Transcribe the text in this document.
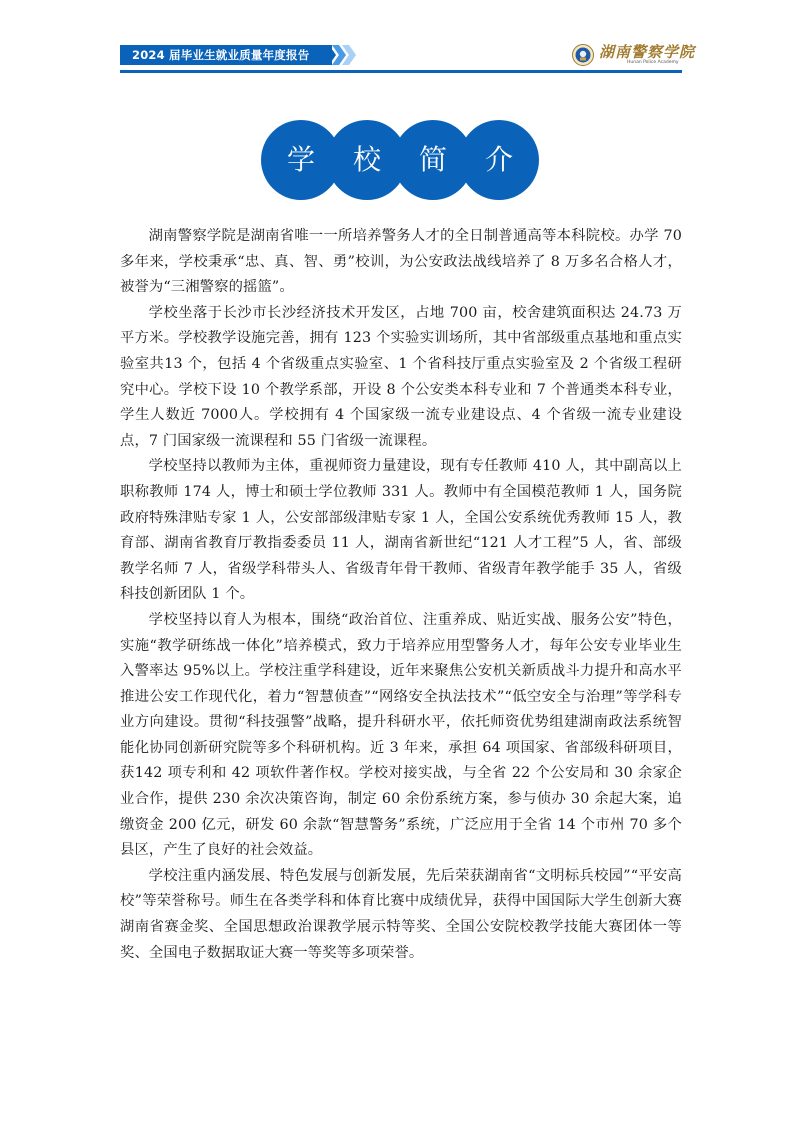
2024 届毕业生就业质量年度报告	湖南警察学院
Hunan Police Academy
学 校 简 介

湖南警察学院是湖南省唯一一所培养警务人才的全日制普通高等本科院校。办学 70 多年来，学校秉承“忠、真、智、勇”校训，为公安政法战线培养了 8 万多名合格人才，被誉为“三湘警察的摇篮”。

学校坐落于长沙市长沙经济技术开发区，占地 700 亩，校舍建筑面积达 24.73 万平方米。学校教学设施完善，拥有 123 个实验实训场所，其中省部级重点基地和重点实验室共13 个，包括 4 个省级重点实验室、1 个省科技厅重点实验室及 2 个省级工程研究中心。学校下设 10 个教学系部，开设 8 个公安类本科专业和 7 个普通类本科专业，学生人数近 7000人。学校拥有 4 个国家级一流专业建设点、4 个省级一流专业建设点，7 门国家级一流课程和 55 门省级一流课程。

学校坚持以教师为主体，重视师资力量建设，现有专任教师 410 人，其中副高以上职称教师 174 人，博士和硕士学位教师 331 人。教师中有全国模范教师 1 人，国务院政府特殊津贴专家 1 人，公安部部级津贴专家 1 人，全国公安系统优秀教师 15 人，教育部、湖南省教育厅教指委委员 11 人，湖南省新世纪“121 人才工程”5 人，省、部级教学名师 7 人，省级学科带头人、省级青年骨干教师、省级青年教学能手 35 人，省级科技创新团队 1 个。

学校坚持以育人为根本，围绕“政治首位、注重养成、贴近实战、服务公安”特色，实施“教学研练战一体化”培养模式，致力于培养应用型警务人才，每年公安专业毕业生入警率达 95%以上。学校注重学科建设，近年来聚焦公安机关新质战斗力提升和高水平推进公安工作现代化，着力“智慧侦查”“网络安全执法技术”“低空安全与治理”等学科专业方向建设。贯彻“科技强警”战略，提升科研水平，依托师资优势组建湖南政法系统智能化协同创新研究院等多个科研机构。近 3 年来，承担 64 项国家、省部级科研项目，获142 项专利和 42 项软件著作权。学校对接实战，与全省 22 个公安局和 30 余家企业合作，提供 230 余次决策咨询，制定 60 余份系统方案，参与侦办 30 余起大案，追缴资金 200 亿元，研发 60 余款“智慧警务”系统，广泛应用于全省 14 个市州 70 多个县区，产生了良好的社会效益。

学校注重内涵发展、特色发展与创新发展，先后荣获湖南省“文明标兵校园”“平安高校”等荣誉称号。师生在各类学科和体育比赛中成绩优异，获得中国国际大学生创新大赛湖南省赛金奖、全国思想政治课教学展示特等奖、全国公安院校教学技能大赛团体一等奖、全国电子数据取证大赛一等奖等多项荣誉。
